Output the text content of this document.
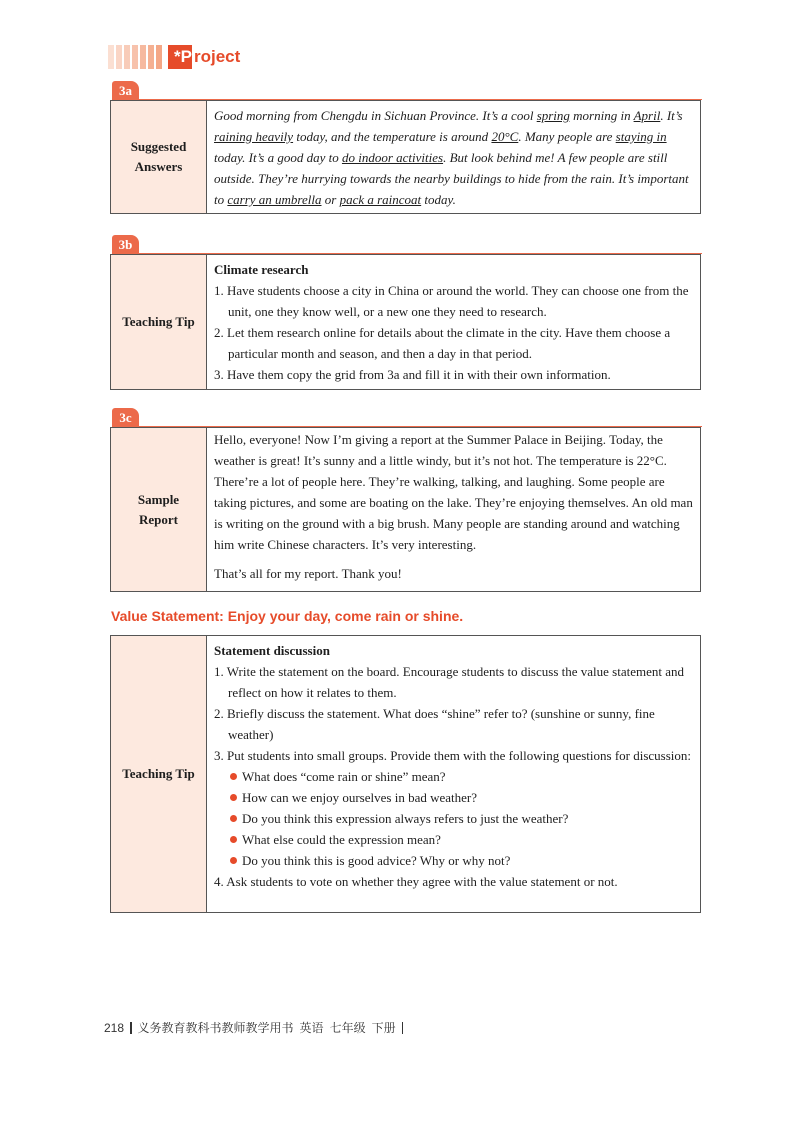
* P roject
3a
Suggested
Answers
Good morning from Chengdu in Sichuan Province. It’s a cool spring morning in April. It’s raining heavily today, and the temperature is around 20°C. Many people are staying in today. It’s a good day to do indoor activities. But look behind me! A few people are still outside. They’re hurrying towards the nearby buildings to hide from the rain. It’s important to carry an umbrella or pack a raincoat today.
3b
Teaching Tip
Climate research
1. Have students choose a city in China or around the world. They can choose one from the unit, one they know well, or a new one they need to research.
2. Let them research online for details about the climate in the city. Have them choose a particular month and season, and then a day in that period.
3. Have them copy the grid from 3a and fill it in with their own information.
3c
Sample
Report
Hello, everyone! Now I’m giving a report at the Summer Palace in Beijing. Today, the weather is great! It’s sunny and a little windy, but it’s not hot. The temperature is 22°C. There’re a lot of people here. They’re walking, talking, and laughing. Some people are taking pictures, and some are boating on the lake. They’re enjoying themselves. An old man is writing on the ground with a big brush. Many people are standing around and watching him write Chinese characters. It’s very interesting.
That’s all for my report. Thank you!
Value Statement: Enjoy your day, come rain or shine.
Teaching Tip
Statement discussion
1. Write the statement on the board. Encourage students to discuss the value statement and reflect on how it relates to them.
2. Briefly discuss the statement. What does “shine” refer to? (sunshine or sunny, fine weather)
3. Put students into small groups. Provide them with the following questions for discussion:
What does “come rain or shine” mean?
How can we enjoy ourselves in bad weather?
Do you think this expression always refers to just the weather?
What else could the expression mean?
Do you think this is good advice? Why or why not?
4. Ask students to vote on whether they agree with the value statement or not.
218 义务教育教科书教师教学用书 英语 七年级 下册
